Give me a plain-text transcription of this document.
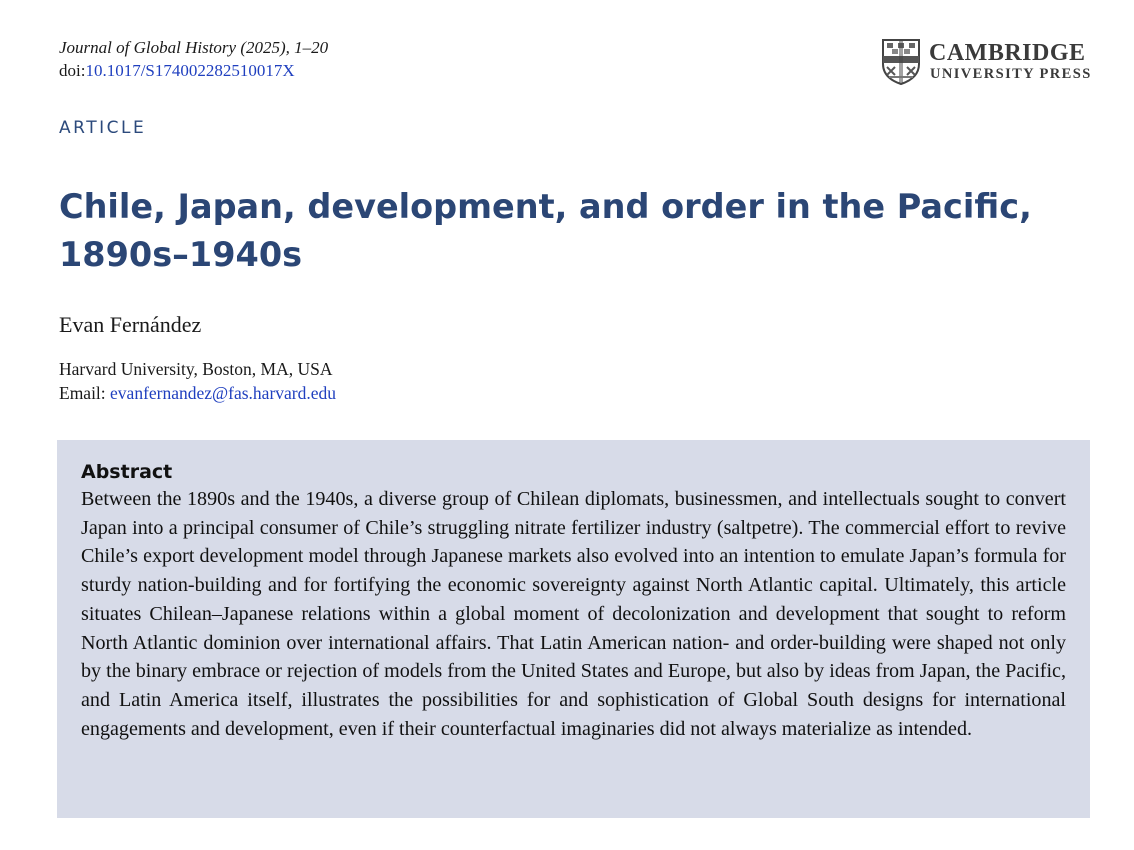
Journal of Global History (2025), 1–20
doi:10.1017/S174002282510017X
CAMBRIDGE
UNIVERSITY PRESS
ARTICLE
Chile, Japan, development, and order in the Pacific, 1890s–1940s
Evan Fernández
Harvard University, Boston, MA, USA
Email: evanfernandez@fas.harvard.edu
Abstract

Between the 1890s and the 1940s, a diverse group of Chilean diplomats, businessmen, and intellectuals sought to convert Japan into a principal consumer of Chile’s struggling nitrate fertilizer industry (saltpetre). The commercial effort to revive Chile’s export development model through Japanese markets also evolved into an intention to emulate Japan’s formula for sturdy nation-building and for fortifying the economic sovereignty against North Atlantic capital. Ultimately, this article situates Chilean–Japanese relations within a global moment of decolonization and development that sought to reform North Atlantic dominion over international affairs. That Latin American nation- and order-building were shaped not only by the binary embrace or rejection of models from the United States and Europe, but also by ideas from Japan, the Pacific, and Latin America itself, illustrates the possibilities for and sophistication of Global South designs for international engagements and development, even if their counterfactual imaginaries did not always materialize as intended.
